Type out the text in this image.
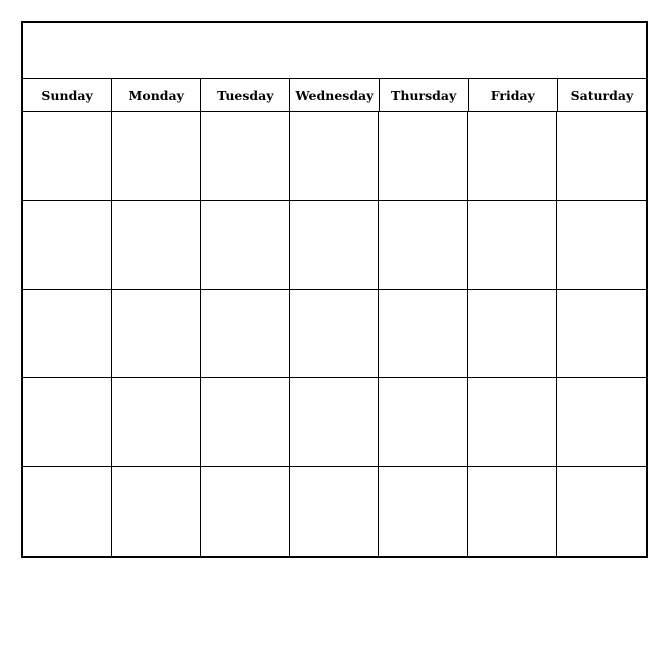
Sunday	Monday	Tuesday	Wednesday	Thursday	Friday	Saturday
